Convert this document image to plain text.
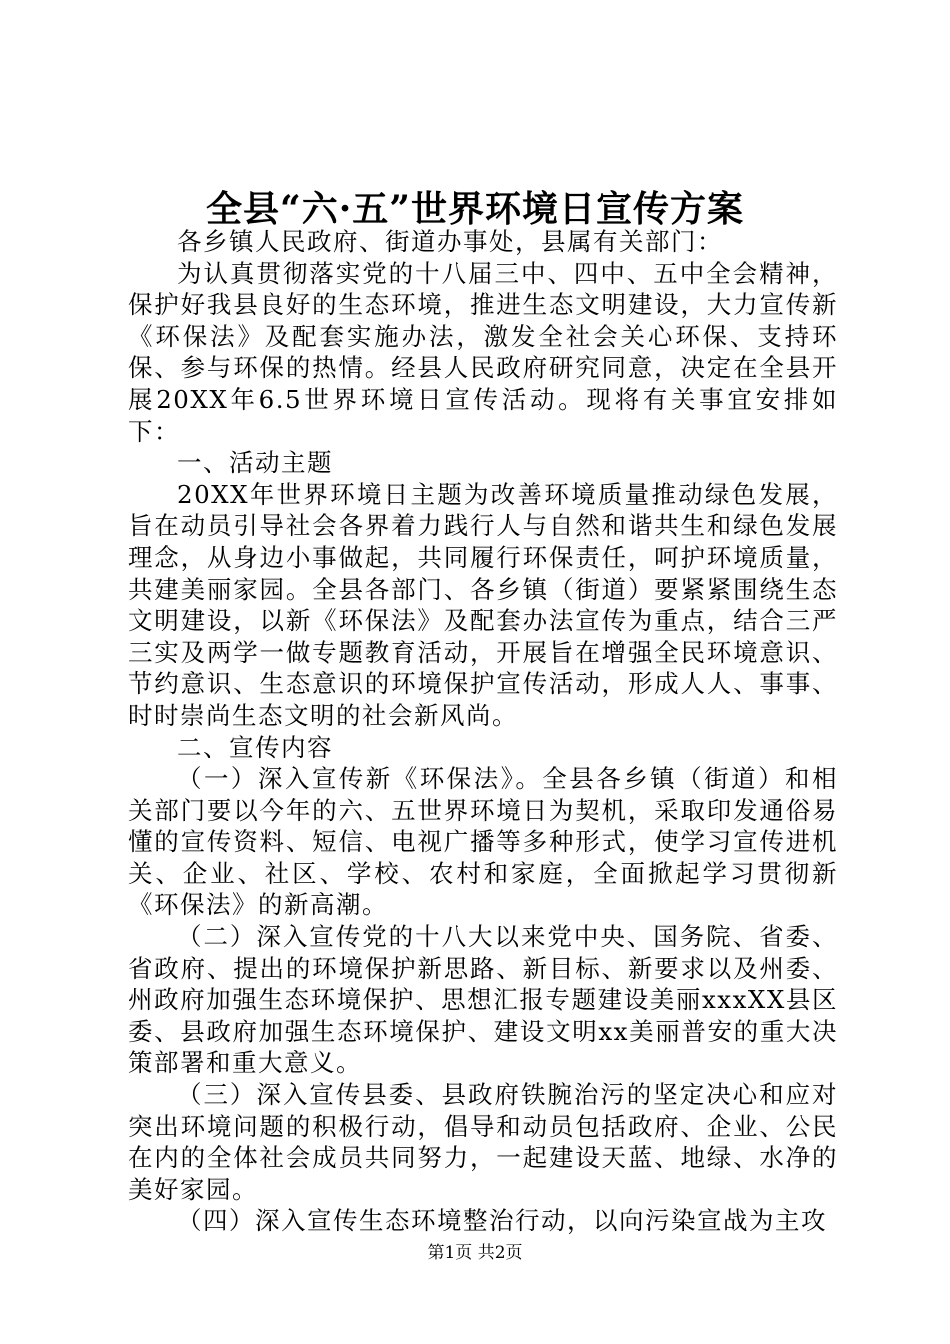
全县“六·五”世界环境日宣传方案

各乡镇人民政府、街道办事处，县属有关部门：

为认真贯彻落实党的十八届三中、四中、五中全会精神，保护好我县良好的生态环境，推进生态文明建设，大力宣传新《环保法》及配套实施办法，激发全社会关心环保、支持环保、参与环保的热情。经县人民政府研究同意，决定在全县开展20XX年6.5世界环境日宣传活动。现将有关事宜安排如下：

一、活动主题

20XX年世界环境日主题为改善环境质量推动绿色发展，旨在动员引导社会各界着力践行人与自然和谐共生和绿色发展理念，从身边小事做起，共同履行环保责任，呵护环境质量，共建美丽家园。全县各部门、各乡镇（街道）要紧紧围绕生态文明建设，以新《环保法》及配套办法宣传为重点，结合三严三实及两学一做专题教育活动，开展旨在增强全民环境意识、节约意识、生态意识的环境保护宣传活动，形成人人、事事、时时崇尚生态文明的社会新风尚。

二、宣传内容

（一）深入宣传新《环保法》。全县各乡镇（街道）和相关部门要以今年的六、五世界环境日为契机，采取印发通俗易懂的宣传资料、短信、电视广播等多种形式，使学习宣传进机关、企业、社区、学校、农村和家庭，全面掀起学习贯彻新《环保法》的新高潮。

（二）深入宣传党的十八大以来党中央、国务院、省委、省政府、提出的环境保护新思路、新目标、新要求以及州委、州政府加强生态环境保护、思想汇报专题建设美丽xxxXX县区委、县政府加强生态环境保护、建设文明xx美丽普安的重大决策部署和重大意义。

（三）深入宣传县委、县政府铁腕治污的坚定决心和应对突出环境问题的积极行动，倡导和动员包括政府、企业、公民在内的全体社会成员共同努力，一起建设天蓝、地绿、水净的美好家园。

（四）深入宣传生态环境整治行动，以向污染宣战为主攻

第1页 共2页
